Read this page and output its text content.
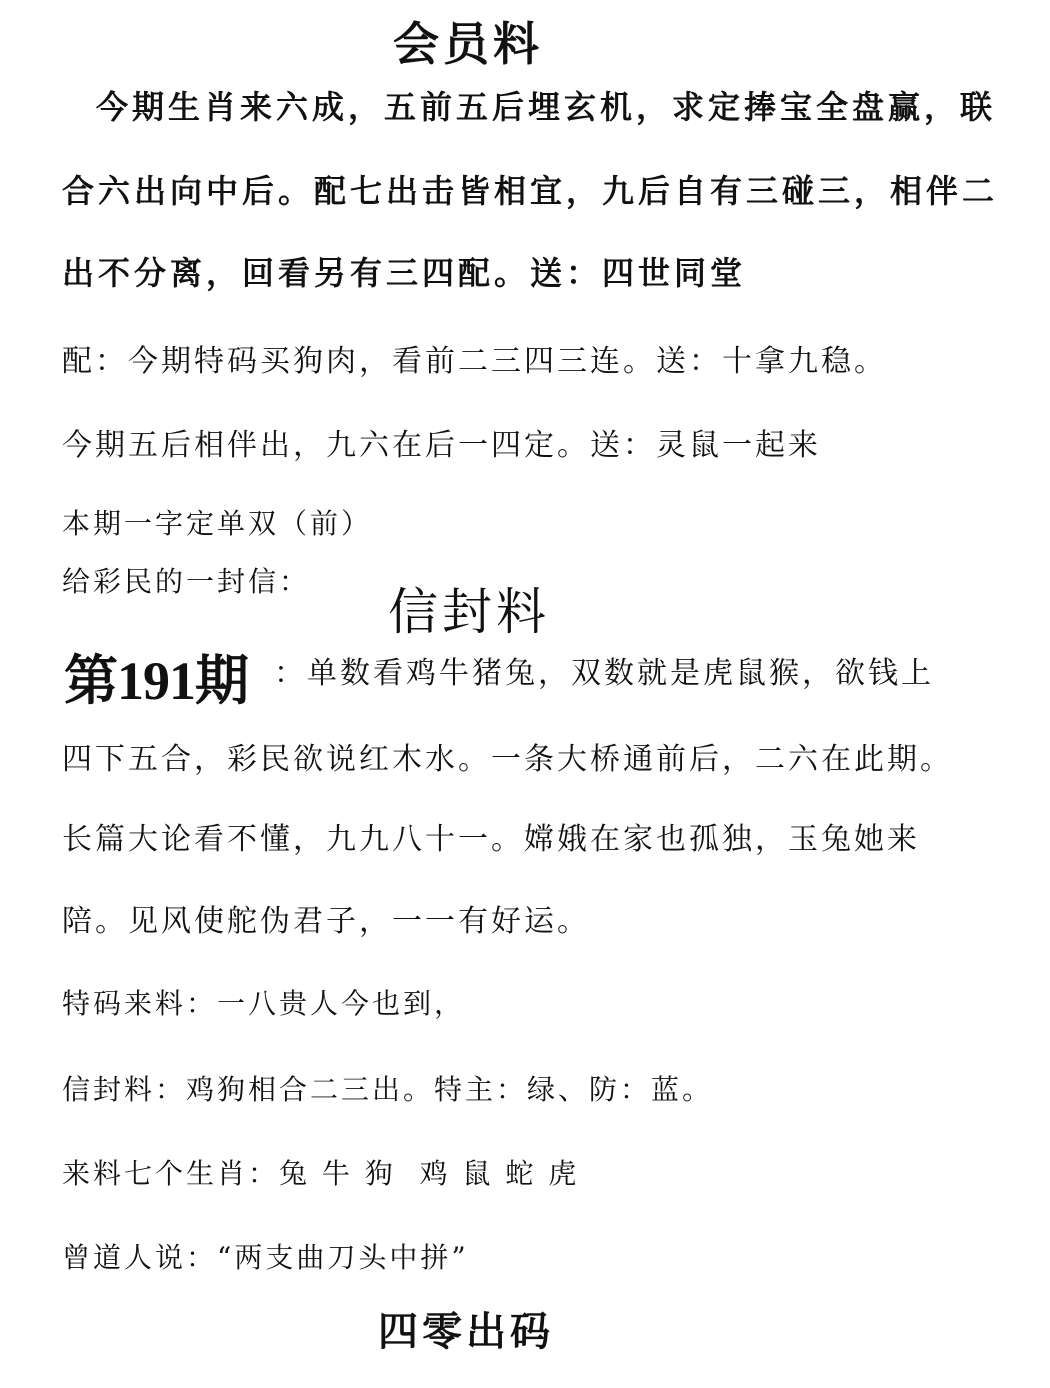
会员料
今期生肖来六成，五前五后埋玄机，求定捧宝全盘赢，联
合六出向中后。配七出击皆相宜，九后自有三碰三，相伴二
出不分离，回看另有三四配。送：四世同堂
配：今期特码买狗肉，看前二三四三连。送：十拿九稳。
今期五后相伴出，九六在后一四定。送：灵鼠一起来
本期一字定单双（前）
给彩民的一封信：
信封料
第191期 ：单数看鸡牛猪兔，双数就是虎鼠猴，欲钱上
四下五合，彩民欲说红木水。一条大桥通前后，二六在此期。
长篇大论看不懂，九九八十一。嫦娥在家也孤独，玉兔她来
陪。见风使舵伪君子，一一有好运。
特码来料：一八贵人今也到，
信封料：鸡狗相合二三出。特主：绿、防：蓝。
来料七个生肖：兔 牛 狗  鸡 鼠 蛇 虎
曾道人说：“两支曲刀头中拼”
四零出码
